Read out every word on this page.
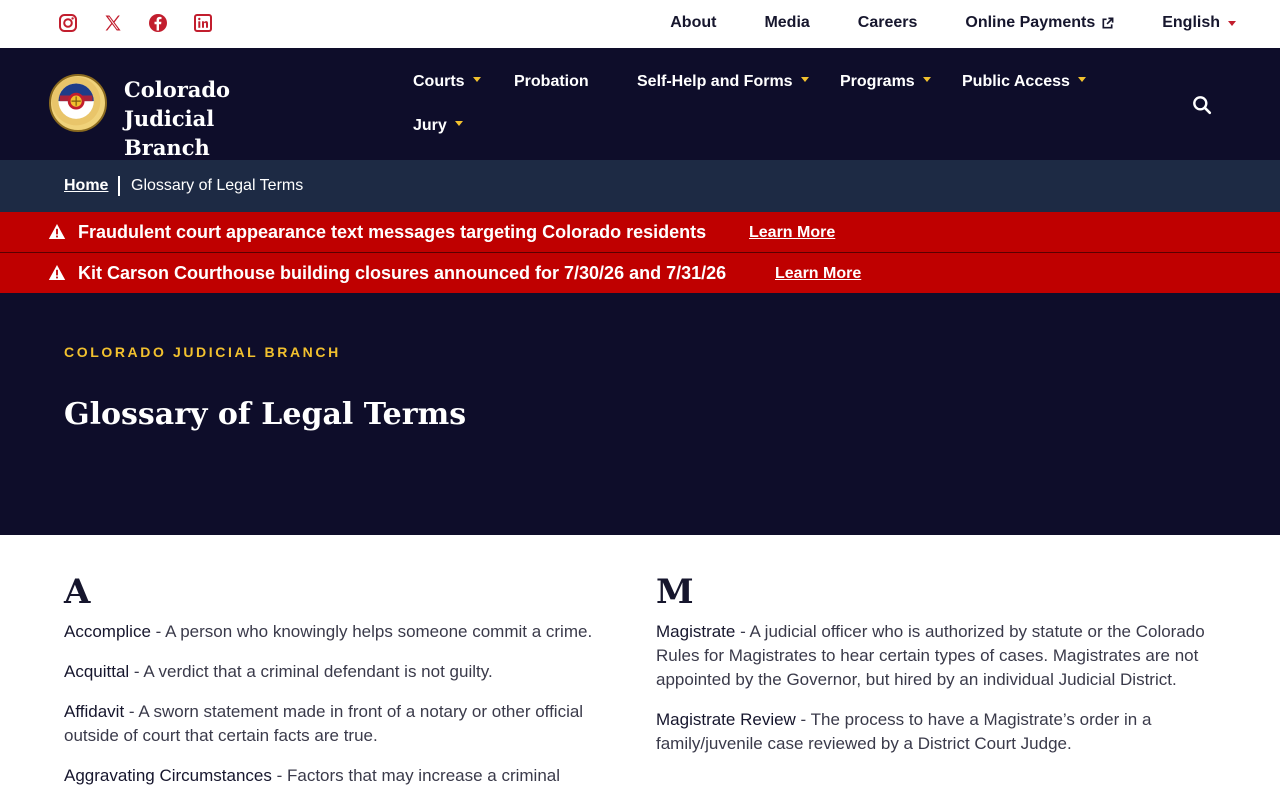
About	Media	Careers	Online Payments	English
Colorado Judicial
Branch
Courts	Probation	Self-Help and Forms	Programs	Public Access
Jury
Home Glossary of Legal Terms
Fraudulent court appearance text messages targeting Colorado residents	Learn More
Kit Carson Courthouse building closures announced for 7/30/26 and 7/31/26	Learn More
COLORADO JUDICIAL BRANCH
Glossary of Legal Terms
A

Accomplice - A person who knowingly helps someone commit a crime.

Acquittal - A verdict that a criminal defendant is not guilty.

Affidavit - A sworn statement made in front of a notary or other official outside of court that certain facts are true.

Aggravating Circumstances - Factors that may increase a criminal

M

Magistrate - A judicial officer who is authorized by statute or the Colorado Rules for Magistrates to hear certain types of cases. Magistrates are not appointed by the Governor, but hired by an individual Judicial District.

Magistrate Review - The process to have a Magistrate’s order in a family/juvenile case reviewed by a District Court Judge.
